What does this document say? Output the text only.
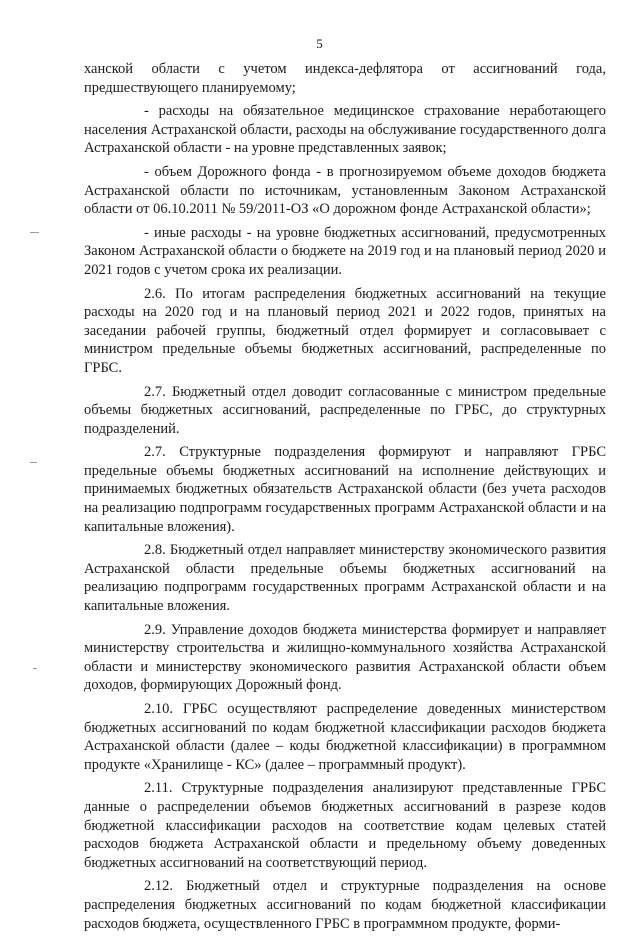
5

ханской области с учетом индекса-дефлятора от ассигнований года, предшествующего планируемому;

- расходы на обязательное медицинское страхование неработающего населения Астраханской области, расходы на обслуживание государственного долга Астраханской области - на уровне представленных заявок;

- объем Дорожного фонда - в прогнозируемом объеме доходов бюджета Астраханской области по источникам, установленным Законом Астраханской области от 06.10.2011 № 59/2011-ОЗ «О дорожном фонде Астраханской области»;

- иные расходы - на уровне бюджетных ассигнований, предусмотренных Законом Астраханской области о бюджете на 2019 год и на плановый период 2020 и 2021 годов с учетом срока их реализации.

2.6. По итогам распределения бюджетных ассигнований на текущие расходы на 2020 год и на плановый период 2021 и 2022 годов, принятых на заседании рабочей группы, бюджетный отдел формирует и согласовывает с министром предельные объемы бюджетных ассигнований, распределенные по ГРБС.

2.7. Бюджетный отдел доводит согласованные с министром предельные объемы бюджетных ассигнований, распределенные по ГРБС, до структурных подразделений.

2.7. Структурные подразделения формируют и направляют ГРБС предельные объемы бюджетных ассигнований на исполнение действующих и принимаемых бюджетных обязательств Астраханской области (без учета расходов на реализацию подпрограмм государственных программ Астраханской области и на капитальные вложения).

2.8. Бюджетный отдел направляет министерству экономического развития Астраханской области предельные объемы бюджетных ассигнований на реализацию подпрограмм государственных программ Астраханской области и на капитальные вложения.

2.9. Управление доходов бюджета министерства формирует и направляет министерству строительства и жилищно-коммунального хозяйства Астраханской области и министерству экономического развития Астраханской области объем доходов, формирующих Дорожный фонд.

2.10. ГРБС осуществляют распределение доведенных министерством бюджетных ассигнований по кодам бюджетной классификации расходов бюджета Астраханской области (далее – коды бюджетной классификации) в программном продукте «Хранилище - КС» (далее – программный продукт).

2.11. Структурные подразделения анализируют представленные ГРБС данные о распределении объемов бюджетных ассигнований в разрезе кодов бюджетной классификации расходов на соответствие кодам целевых статей расходов бюджета Астраханской области и предельному объему доведенных бюджетных ассигнований на соответствующий период.

2.12. Бюджетный отдел и структурные подразделения на основе распределения бюджетных ассигнований по кодам бюджетной классификации расходов бюджета, осуществленного ГРБС в программном продукте, форми-
